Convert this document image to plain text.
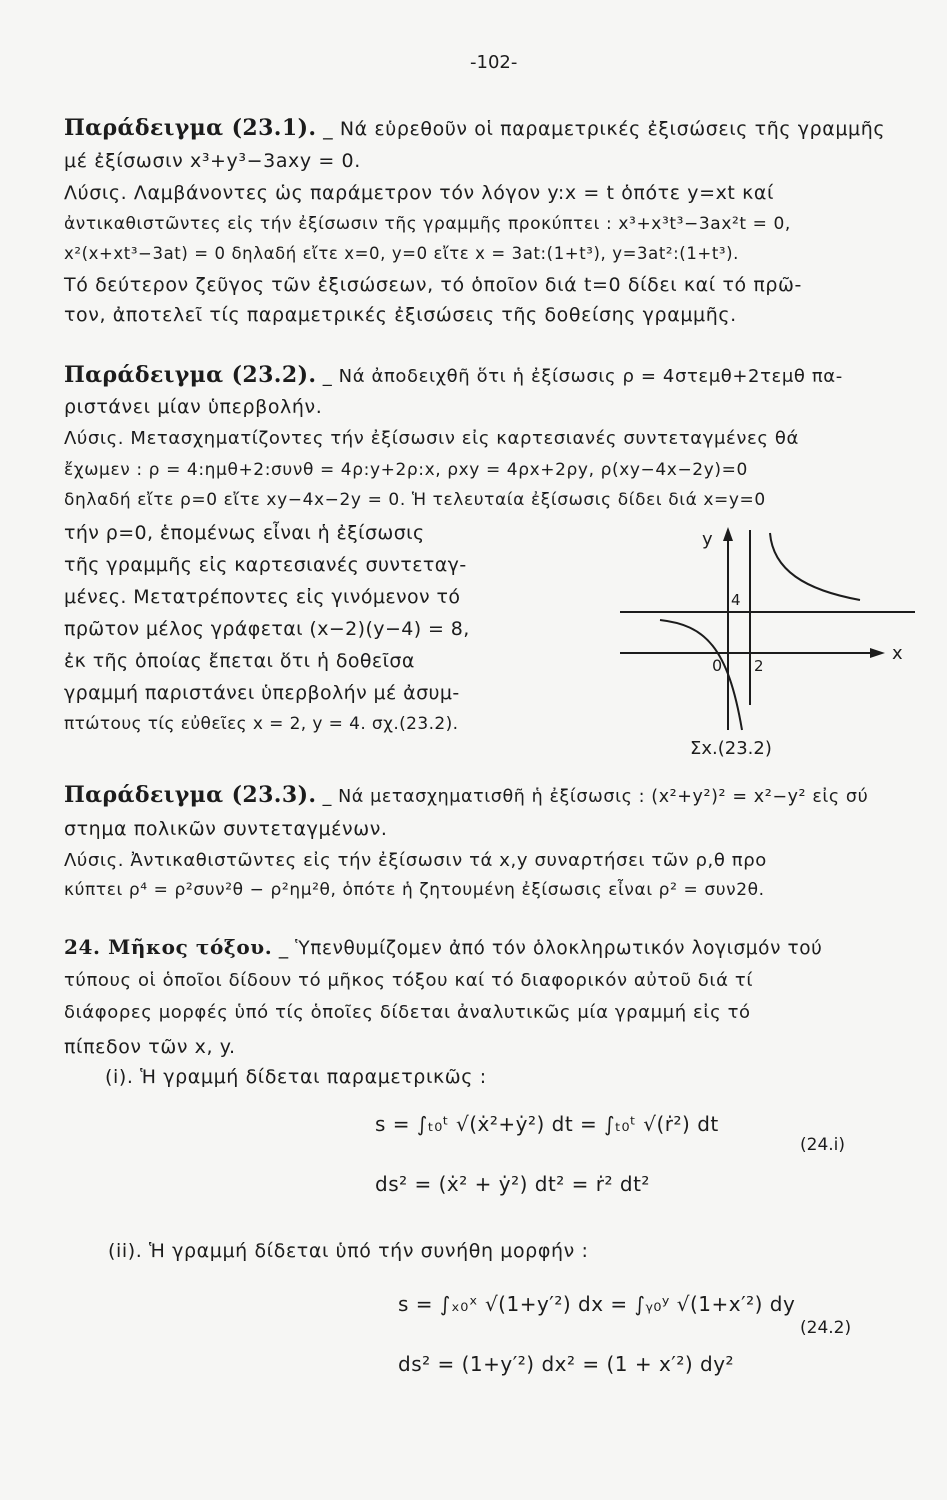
-102-
Παράδειγμα (23.1). _ Νά εὑρεθοῦν οἱ παραμετρικές ἐξισώσεις τῆς γραμμῆς
μέ ἐξίσωσιν x³+y³−3axy = 0.
Λύσις. Λαμβάνοντες ὡς παράμετρον τόν λόγον y:x = t ὁπότε y=xt καί
ἀντικαθιστῶντες εἰς τήν ἐξίσωσιν τῆς γραμμῆς προκύπτει : x³+x³t³−3ax²t = 0,
x²(x+xt³−3at) = 0 δηλαδή εἴτε x=0, y=0 εἴτε x = 3at:(1+t³), y=3at²:(1+t³).
Τό δεύτερον ζεῦγος τῶν ἐξισώσεων, τό ὁποῖον διά t=0 δίδει καί τό πρῶ-
τον, ἀποτελεῖ τίς παραμετρικές ἐξισώσεις τῆς δοθείσης γραμμῆς.
Παράδειγμα (23.2). _ Νά ἀποδειχθῆ ὅτι ἡ ἐξίσωσις ρ = 4στεμθ+2τεμθ πα-
ριστάνει μίαν ὑπερβολήν.
Λύσις. Μετασχηματίζοντες τήν ἐξίσωσιν εἰς καρτεσιανές συντεταγμένες θά
ἔχωμεν : ρ = 4:ημθ+2:συνθ = 4ρ:y+2ρ:x, ρxy = 4ρx+2ρy, ρ(xy−4x−2y)=0
δηλαδή εἴτε ρ=0 εἴτε xy−4x−2y = 0. Ἡ τελευταία ἐξίσωσις δίδει διά x=y=0
τήν ρ=0, ἑπομένως εἶναι ἡ ἐξίσωσις
τῆς γραμμῆς εἰς καρτεσιανές συντεταγ-
μένες. Μετατρέποντες εἰς γινόμενον τό
πρῶτον μέλος γράφεται (x−2)(y−4) = 8,
ἐκ τῆς ὁποίας ἔπεται ὅτι ἡ δοθεῖσα
γραμμή παριστάνει ὑπερβολήν μέ ἀσυμ-
πτώτους τίς εὐθεῖες x = 2, y = 4. σχ.(23.2).
y
x
4
0 2
Σx.(23.2)
Παράδειγμα (23.3). _ Νά μετασχηματισθῆ ἡ ἐξίσωσις : (x²+y²)² = x²−y² εἰς σύ
στημα πολικῶν συντεταγμένων.
Λύσις. Ἀντικαθιστῶντες εἰς τήν ἐξίσωσιν τά x,y συναρτήσει τῶν ρ,θ προ
κύπτει ρ⁴ = ρ²συν²θ − ρ²ημ²θ, ὁπότε ἡ ζητουμένη ἐξίσωσις εἶναι ρ² = συν2θ.
24. Μῆκος τόξου. _ Ὑπενθυμίζομεν ἀπό τόν ὁλοκληρωτικόν λογισμόν τού
τύπους οἱ ὁποῖοι δίδουν τό μῆκος τόξου καί τό διαφορικόν αὐτοῦ διά τί
διάφορες μορφές ὑπό τίς ὁποῖες δίδεται ἀναλυτικῶς μία γραμμή εἰς τό
πίπεδον τῶν x, y.
(i). Ἡ γραμμή δίδεται παραμετρικῶς :
s = ∫ₜ₀ᵗ √(ẋ²+ẏ²) dt = ∫ₜ₀ᵗ √(ṙ²) dt
(24.i)
ds² = (ẋ² + ẏ²) dt² = ṙ² dt²
(ii). Ἡ γραμμή δίδεται ὑπό τήν συνήθη μορφήν :
s = ∫ₓ₀ˣ √(1+y′²) dx = ∫ᵧ₀ʸ √(1+x′²) dy
(24.2)
ds² = (1+y′²) dx² = (1 + x′²) dy²
